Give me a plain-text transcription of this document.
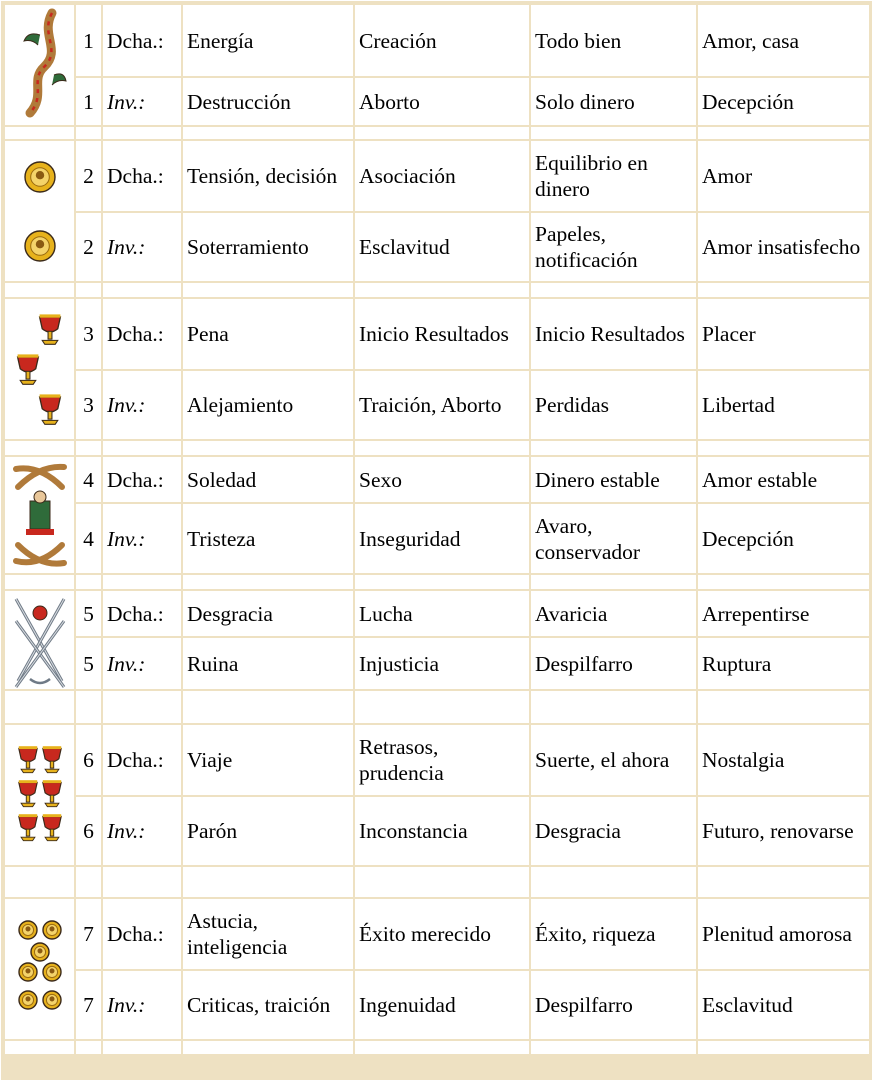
	1	Dcha.:	Energía	Creación	Todo bien	Amor, casa
	1	Inv.:	Destrucción	Aborto	Solo dinero	Decepción

	2	Dcha.:	Tensión, decisión	Asociación	Equilibrio en dinero	Amor
	2	Inv.:	Soterramiento	Esclavitud	Papeles, notificación	Amor insatisfecho

	3	Dcha.:	Pena	Inicio Resultados	Inicio Resultados	Placer
	3	Inv.:	Alejamiento	Traición, Aborto	Perdidas	Libertad

	4	Dcha.:	Soledad	Sexo	Dinero estable	Amor estable
	4	Inv.:	Tristeza	Inseguridad	Avaro, conservador	Decepción

	5	Dcha.:	Desgracia	Lucha	Avaricia	Arrepentirse
	5	Inv.:	Ruina	Injusticia	Despilfarro	Ruptura

	6	Dcha.:	Viaje	Retrasos, prudencia	Suerte, el ahora	Nostalgia
	6	Inv.:	Parón	Inconstancia	Desgracia	Futuro, renovarse

	7	Dcha.:	Astucia, inteligencia	Éxito merecido	Éxito, riqueza	Plenitud amorosa
	7	Inv.:	Criticas, traición	Ingenuidad	Despilfarro	Esclavitud
